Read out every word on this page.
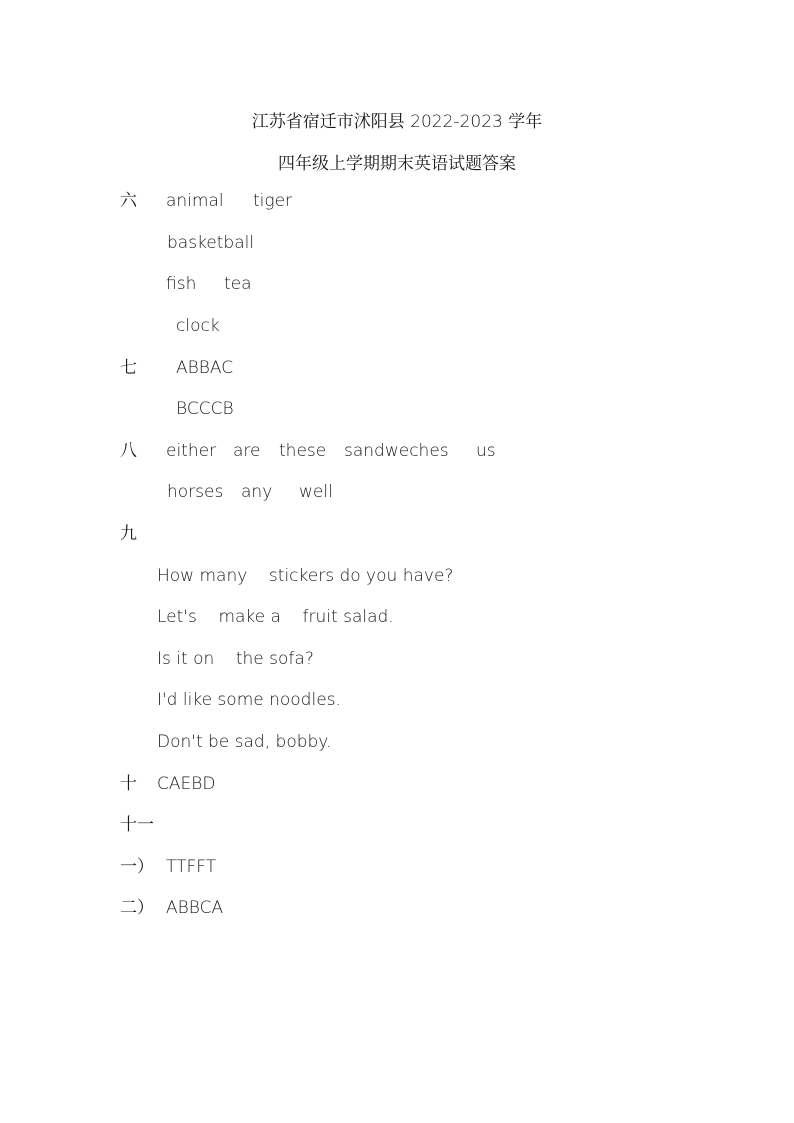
江苏省宿迁市沭阳县 2022-2023 学年
四年级上学期期末英语试题答案
六 animal tiger
basketball
fish tea
clock
七 ABBAC
BCCCB
八 either are these sandweches us
horses any well
九
How many    stickers do you have?
Let's    make a    fruit salad.
Is it on    the sofa?
I'd like some noodles.
Don't be sad, bobby.
十 CAEBD
十一
一） TTFFT
二） ABBCA
